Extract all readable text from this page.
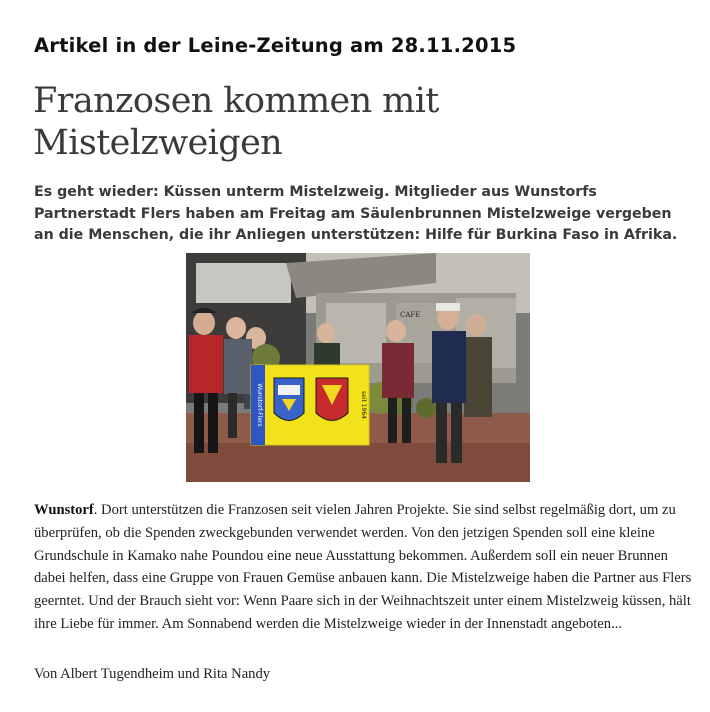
Artikel in der Leine-Zeitung am 28.11.2015
Franzosen kommen mit Mistelzweigen

Es geht wieder: Küssen unterm Mistelzweig. Mitglieder aus Wunstorfs Partnerstadt Flers haben am Freitag am Säulenbrunnen Mistelzweige vergeben an die Menschen, die ihr Anliegen unterstützen: Hilfe für Burkina Faso in Afrika.

CAFE
Wunstorf-Flers	seit 1964

Wunstorf. Dort unterstützen die Franzosen seit vielen Jahren Projekte. Sie sind selbst regelmäßig dort, um zu überprüfen, ob die Spenden zweckgebunden verwendet werden. Von den jetzigen Spenden soll eine kleine Grundschule in Kamako nahe Poundou eine neue Ausstattung bekommen. Außerdem soll ein neuer Brunnen dabei helfen, dass eine Gruppe von Frauen Gemüse anbauen kann. Die Mistelzweige haben die Partner aus Flers geerntet. Und der Brauch sieht vor: Wenn Paare sich in der Weihnachtszeit unter einem Mistelzweig küssen, hält ihre Liebe für immer. Am Sonnabend werden die Mistelzweige wieder in der Innenstadt angeboten...

Von Albert Tugendheim und Rita Nandy
